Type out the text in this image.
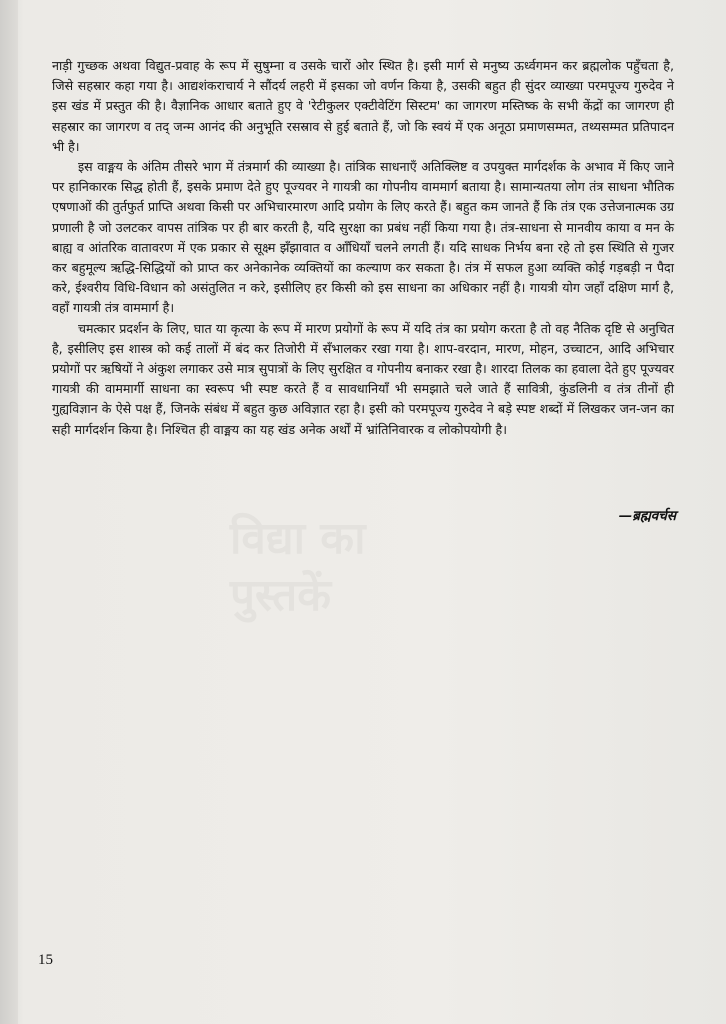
विद्या का
पुस्तकें

नाड़ी गुच्छक अथवा विद्युत-प्रवाह के रूप में सुषुम्ना व उसके चारों ओर स्थित है। इसी मार्ग से मनुष्य ऊर्ध्वगमन कर ब्रह्मलोक पहुँचता है, जिसे सहस्रार कहा गया है। आद्यशंकराचार्य ने सौंदर्य लहरी में इसका जो वर्णन किया है, उसकी बहुत ही सुंदर व्याख्या परमपूज्य गुरुदेव ने इस खंड में प्रस्तुत की है। वैज्ञानिक आधार बताते हुए वे 'रेटीकुलर एक्टीवेटिंग सिस्टम' का जागरण मस्तिष्क के सभी केंद्रों का जागरण ही सहस्रार का जागरण व तद् जन्म आनंद की अनुभूति रसस्राव से हुई बताते हैं, जो कि स्वयं में एक अनूठा प्रमाणसम्मत, तथ्यसम्मत प्रतिपादन भी है।

इस वाङ्मय के अंतिम तीसरे भाग में तंत्रमार्ग की व्याख्या है। तांत्रिक साधनाएँ अतिक्लिष्ट व उपयुक्त मार्गदर्शक के अभाव में किए जाने पर हानिकारक सिद्ध होती हैं, इसके प्रमाण देते हुए पूज्यवर ने गायत्री का गोपनीय वाममार्ग बताया है। सामान्यतया लोग तंत्र साधना भौतिक एषणाओं की तुर्तफुर्त प्राप्ति अथवा किसी पर अभिचारमारण आदि प्रयोग के लिए करते हैं। बहुत कम जानते हैं कि तंत्र एक उत्तेजनात्मक उग्र प्रणाली है जो उलटकर वापस तांत्रिक पर ही बार करती है, यदि सुरक्षा का प्रबंध नहीं किया गया है। तंत्र-साधना से मानवीय काया व मन के बाह्य व आंतरिक वातावरण में एक प्रकार से सूक्ष्म झँझावात व आँधियाँ चलने लगती हैं। यदि साधक निर्भय बना रहे तो इस स्थिति से गुजर कर बहुमूल्य ऋद्धि-सिद्धियों को प्राप्त कर अनेकानेक व्यक्तियों का कल्याण कर सकता है। तंत्र में सफल हुआ व्यक्ति कोई गड़बड़ी न पैदा करे, ईश्वरीय विधि-विधान को असंतुलित न करे, इसीलिए हर किसी को इस साधना का अधिकार नहीं है। गायत्री योग जहाँ दक्षिण मार्ग है, वहाँ गायत्री तंत्र वाममार्ग है।

चमत्कार प्रदर्शन के लिए, घात या कृत्या के रूप में मारण प्रयोगों के रूप में यदि तंत्र का प्रयोग करता है तो वह नैतिक दृष्टि से अनुचित है, इसीलिए इस शास्त्र को कई तालों में बंद कर तिजोरी में सँभालकर रखा गया है। शाप-वरदान, मारण, मोहन, उच्चाटन, आदि अभिचार प्रयोगों पर ऋषियों ने अंकुश लगाकर उसे मात्र सुपात्रों के लिए सुरक्षित व गोपनीय बनाकर रखा है। शारदा तिलक का हवाला देते हुए पूज्यवर गायत्री की वाममार्गी साधना का स्वरूप भी स्पष्ट करते हैं व सावधानियाँ भी समझाते चले जाते हैं सावित्री, कुंडलिनी व तंत्र तीनों ही गुह्यविज्ञान के ऐसे पक्ष हैं, जिनके संबंध में बहुत कुछ अविज्ञात रहा है। इसी को परमपूज्य गुरुदेव ने बड़े स्पष्ट शब्दों में लिखकर जन-जन का सही मार्गदर्शन किया है। निश्चित ही वाङ्मय का यह खंड अनेक अर्थों में भ्रांतिनिवारक व लोकोपयोगी है।

—ब्रह्मवर्चस
15
